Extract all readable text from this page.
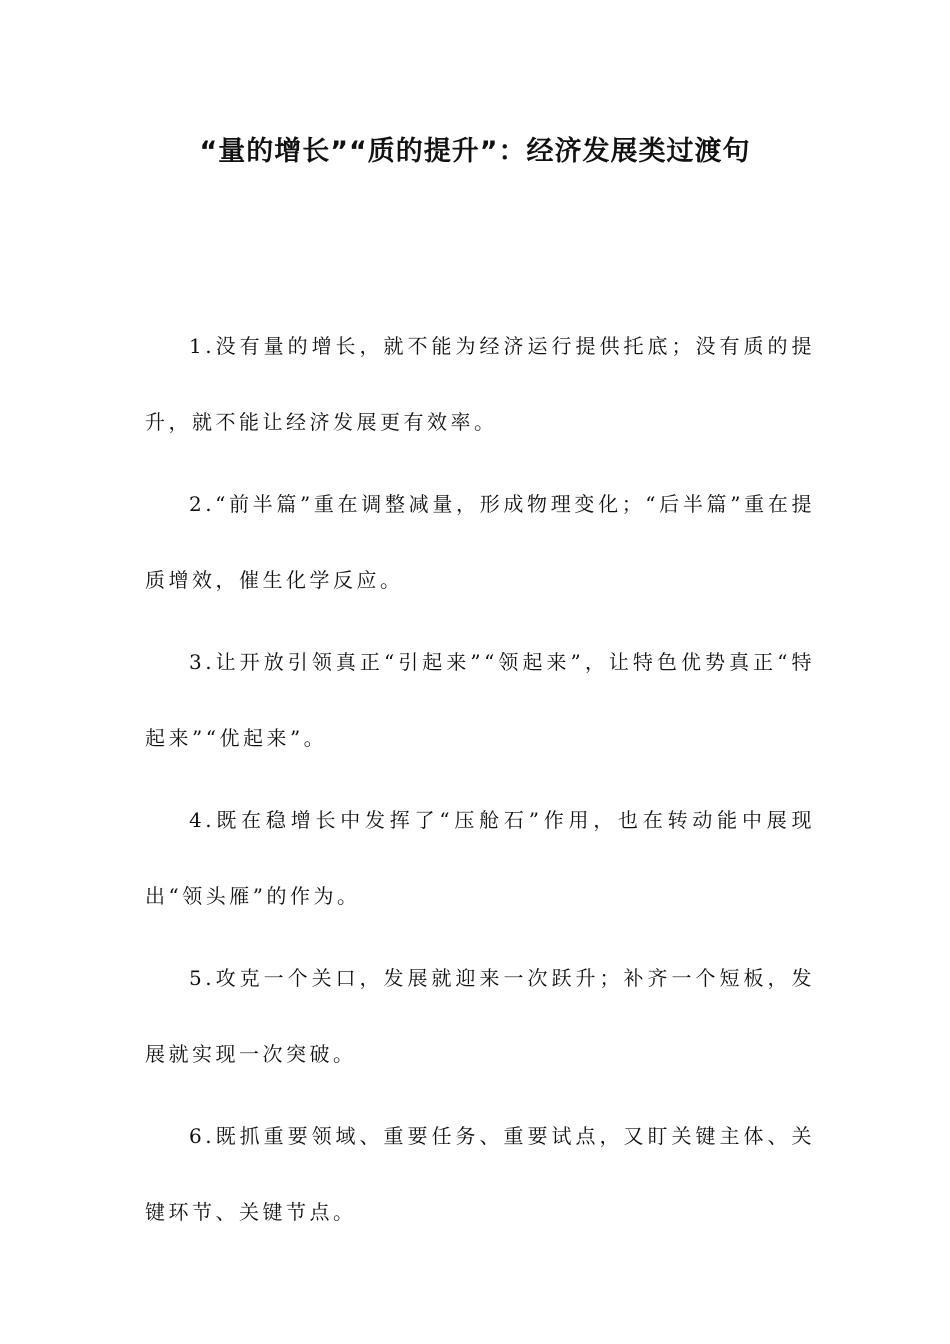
“量的增长”“质的提升”：经济发展类过渡句

1.没有量的增长，就不能为经济运行提供托底；没有质的提升，就不能让经济发展更有效率。

2.“前半篇”重在调整减量，形成物理变化；“后半篇”重在提质增效，催生化学反应。

3.让开放引领真正“引起来”“领起来”，让特色优势真正“特起来”“优起来”。

4.既在稳增长中发挥了“压舱石”作用，也在转动能中展现出“领头雁”的作为。

5.攻克一个关口，发展就迎来一次跃升；补齐一个短板，发展就实现一次突破。

6.既抓重要领域、重要任务、重要试点，又盯关键主体、关键环节、关键节点。
